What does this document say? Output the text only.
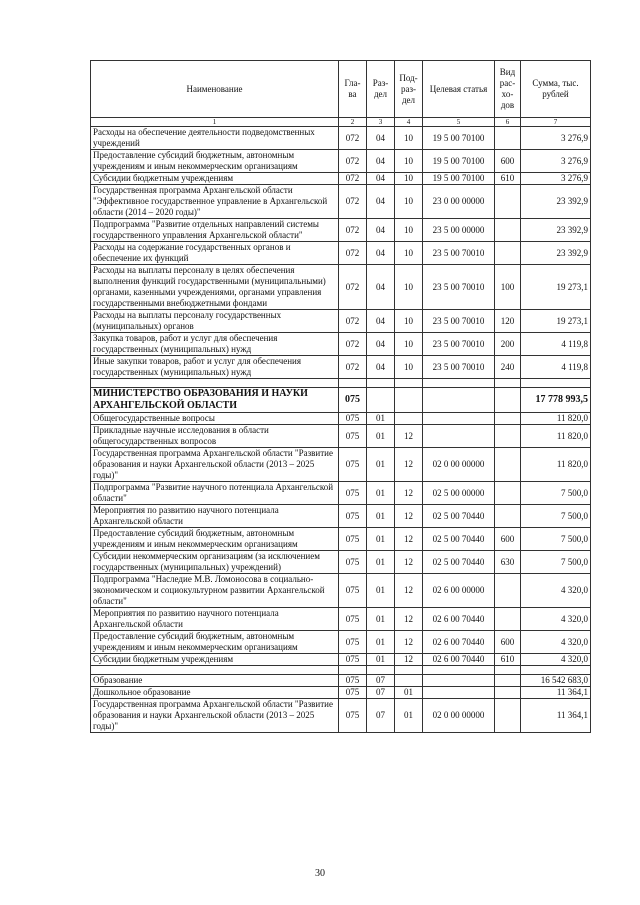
Наименование	Гла-ва	Раз-дел	Под-раз-дел	Целевая статья	Вид рас-хо-дов	Сумма, тыс. рублей
1	2	3	4	5	6	7
Расходы на обеспечение деятельности подведомственных учреждений	072	04	10	19 5 00 70100		3 276,9
Предоставление субсидий бюджетным, автономным учреждениям и иным некоммерческим организациям	072	04	10	19 5 00 70100	600	3 276,9
Субсидии бюджетным учреждениям	072	04	10	19 5 00 70100	610	3 276,9
Государственная программа Архангельской области "Эффективное государственное управление в Архангельской области (2014 – 2020 годы)"	072	04	10	23 0 00 00000		23 392,9
Подпрограмма "Развитие отдельных направлений системы государственного управления Архангельской области"	072	04	10	23 5 00 00000		23 392,9
Расходы на содержание государственных органов и обеспечение их функций	072	04	10	23 5 00 70010		23 392,9
Расходы на выплаты персоналу в целях обеспечения выполнения функций государственными (муниципальными) органами, казенными учреждениями, органами управления государственными внебюджетными фондами	072	04	10	23 5 00 70010	100	19 273,1
Расходы на выплаты персоналу государственных (муниципальных) органов	072	04	10	23 5 00 70010	120	19 273,1
Закупка товаров, работ и услуг для обеспечения государственных (муниципальных) нужд	072	04	10	23 5 00 70010	200	4 119,8
Иные закупки товаров, работ и услуг для обеспечения государственных (муниципальных) нужд	072	04	10	23 5 00 70010	240	4 119,8

МИНИСТЕРСТВО ОБРАЗОВАНИЯ И НАУКИ АРХАНГЕЛЬСКОЙ ОБЛАСТИ	075					17 778 993,5
Общегосударственные вопросы	075	01				11 820,0
Прикладные научные исследования в области общегосударственных вопросов	075	01	12			11 820,0
Государственная программа Архангельской области "Развитие образования и науки Архангельской области (2013 – 2025 годы)"	075	01	12	02 0 00 00000		11 820,0
Подпрограмма "Развитие научного потенциала Архангельской области"	075	01	12	02 5 00 00000		7 500,0
Мероприятия по развитию научного потенциала Архангельской области	075	01	12	02 5 00 70440		7 500,0
Предоставление субсидий бюджетным, автономным учреждениям и иным некоммерческим организациям	075	01	12	02 5 00 70440	600	7 500,0
Субсидии некоммерческим организациям (за исключением государственных (муниципальных) учреждений)	075	01	12	02 5 00 70440	630	7 500,0
Подпрограмма "Наследие М.В. Ломоносова в социально-экономическом и социокультурном развитии Архангельской области"	075	01	12	02 6 00 00000		4 320,0
Мероприятия по развитию научного потенциала Архангельской области	075	01	12	02 6 00 70440		4 320,0
Предоставление субсидий бюджетным, автономным учреждениям и иным некоммерческим организациям	075	01	12	02 6 00 70440	600	4 320,0
Субсидии бюджетным учреждениям	075	01	12	02 6 00 70440	610	4 320,0

Образование	075	07				16 542 683,0
Дошкольное образование	075	07	01			11 364,1
Государственная программа Архангельской области "Развитие образования и науки Архангельской области (2013 – 2025 годы)"	075	07	01	02 0 00 00000		11 364,1
30
